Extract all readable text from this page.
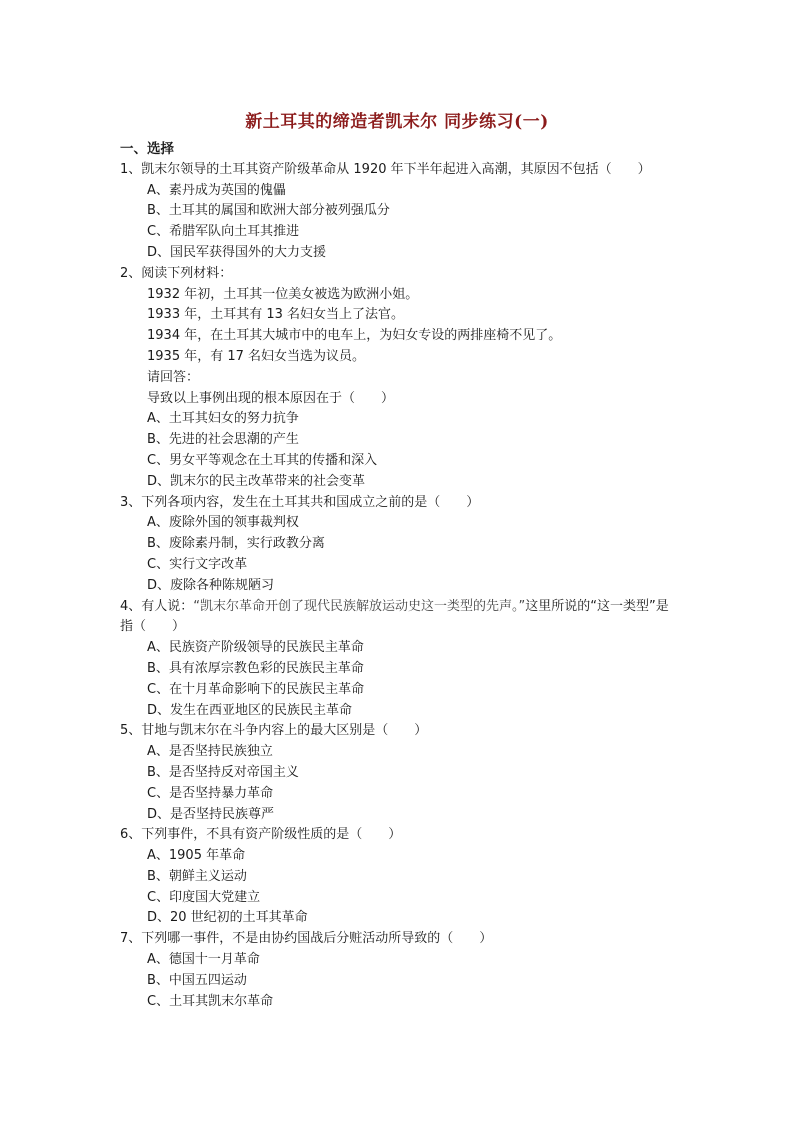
新土耳其的缔造者凯末尔 同步练习(一)
一、选择
1、凯末尔领导的土耳其资产阶级革命从 1920 年下半年起进入高潮，其原因不包括（　　）
A、素丹成为英国的傀儡
B、土耳其的属国和欧洲大部分被列强瓜分
C、希腊军队向土耳其推进
D、国民军获得国外的大力支援
2、阅读下列材料：
1932 年初，土耳其一位美女被选为欧洲小姐。
1933 年，土耳其有 13 名妇女当上了法官。
1934 年，在土耳其大城市中的电车上，为妇女专设的两排座椅不见了。
1935 年，有 17 名妇女当选为议员。
请回答：
导致以上事例出现的根本原因在于（　　）
A、土耳其妇女的努力抗争
B、先进的社会思潮的产生
C、男女平等观念在土耳其的传播和深入
D、凯末尔的民主改革带来的社会变革
3、下列各项内容，发生在土耳其共和国成立之前的是（　　）
A、废除外国的领事裁判权
B、废除素丹制，实行政教分离
C、实行文字改革
D、废除各种陈规陋习
4、有人说：“凯末尔革命开创了现代民族解放运动史这一类型的先声。”这里所说的“这一类型”是指（　　）
A、民族资产阶级领导的民族民主革命
B、具有浓厚宗教色彩的民族民主革命
C、在十月革命影响下的民族民主革命
D、发生在西亚地区的民族民主革命
5、甘地与凯末尔在斗争内容上的最大区别是（　　）
A、是否坚持民族独立
B、是否坚持反对帝国主义
C、是否坚持暴力革命
D、是否坚持民族尊严
6、下列事件，不具有资产阶级性质的是（　　）
A、1905 年革命
B、朝鲜主义运动
C、印度国大党建立
D、20 世纪初的土耳其革命
7、下列哪一事件，不是由协约国战后分赃活动所导致的（　　）
A、德国十一月革命
B、中国五四运动
C、土耳其凯末尔革命
